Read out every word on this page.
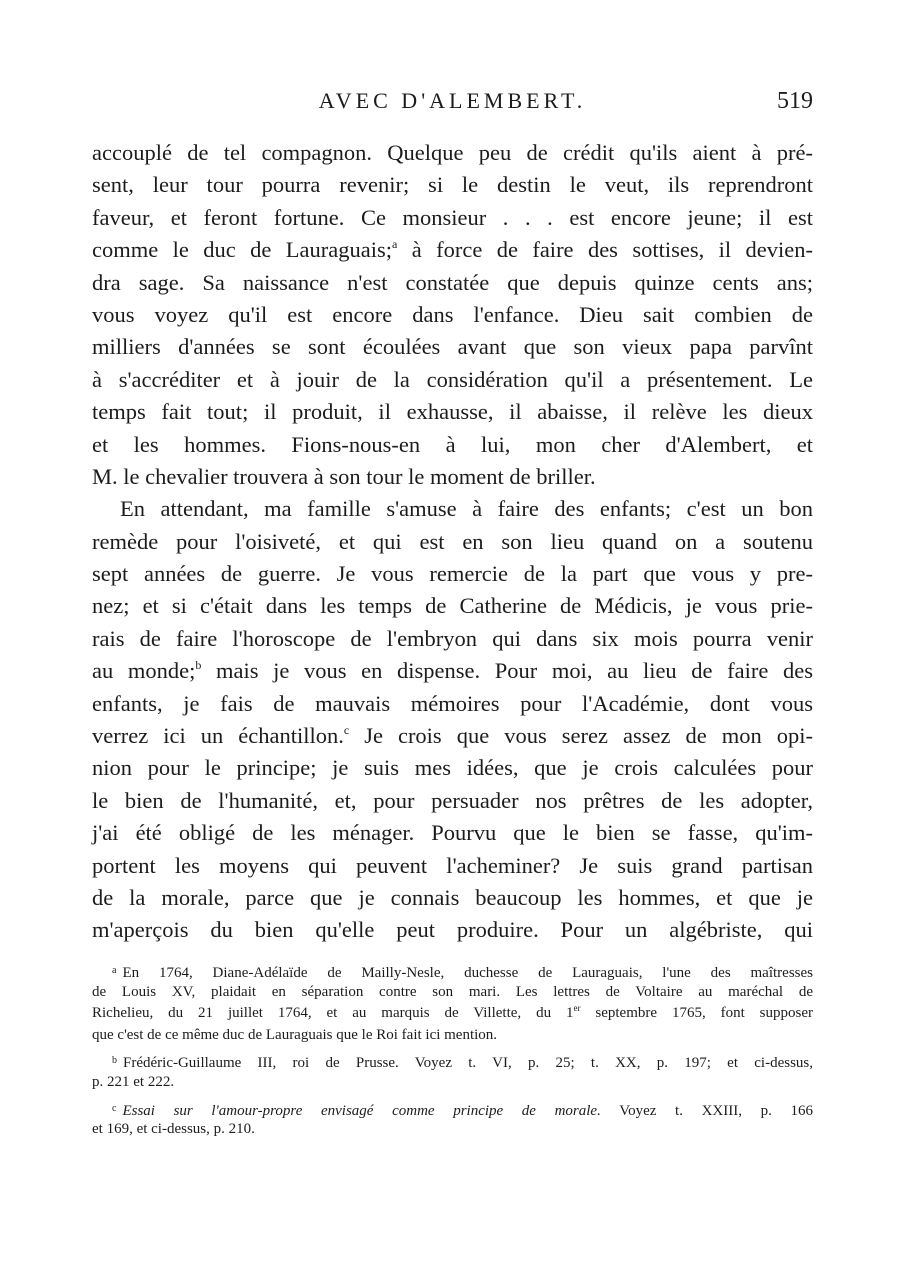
AVEC D'ALEMBERT.	519
accouplé de tel compagnon. Quelque peu de crédit qu'ils aient à pré-
sent, leur tour pourra revenir; si le destin le veut, ils reprendront
faveur, et feront fortune. Ce monsieur . . . est encore jeune; il est
comme le duc de Lauraguais;$^a$ à force de faire des sottises, il devien-
dra sage. Sa naissance n'est constatée que depuis quinze cents ans;
vous voyez qu'il est encore dans l'enfance. Dieu sait combien de
milliers d'années se sont écoulées avant que son vieux papa parvînt
à s'accréditer et à jouir de la considération qu'il a présentement. Le
temps fait tout; il produit, il exhausse, il abaisse, il relève les dieux
et les hommes. Fions-nous-en à lui, mon cher d'Alembert, et
M. le chevalier trouvera à son tour le moment de briller.
En attendant, ma famille s'amuse à faire des enfants; c'est un bon
remède pour l'oisiveté, et qui est en son lieu quand on a soutenu
sept années de guerre. Je vous remercie de la part que vous y pre-
nez; et si c'était dans les temps de Catherine de Médicis, je vous prie-
rais de faire l'horoscope de l'embryon qui dans six mois pourra venir
au monde;$^b$ mais je vous en dispense. Pour moi, au lieu de faire des
enfants, je fais de mauvais mémoires pour l'Académie, dont vous
verrez ici un échantillon.$^c$ Je crois que vous serez assez de mon opi-
nion pour le principe; je suis mes idées, que je crois calculées pour
le bien de l'humanité, et, pour persuader nos prêtres de les adopter,
j'ai été obligé de les ménager. Pourvu que le bien se fasse, qu'im-
portent les moyens qui peuvent l'acheminer? Je suis grand partisan
de la morale, parce que je connais beaucoup les hommes, et que je
m'aperçois du bien qu'elle peut produire. Pour un algébriste, qui
$^a$ En 1764, Diane-Adélaïde de Mailly-Nesle, duchesse de Lauraguais, l'une des maîtresses
de Louis XV, plaidait en séparation contre son mari. Les lettres de Voltaire au maréchal de
Richelieu, du 21 juillet 1764, et au marquis de Villette, du 1er septembre 1765, font supposer
que c'est de ce même duc de Lauraguais que le Roi fait ici mention.
$^b$ Frédéric-Guillaume III, roi de Prusse. Voyez t. VI, p. 25; t. XX, p. 197; et ci-dessus,
p. 221 et 222.
$^c$ Essai sur l'amour-propre envisagé comme principe de morale. Voyez t. XXIII, p. 166
et 169, et ci-dessus, p. 210.
